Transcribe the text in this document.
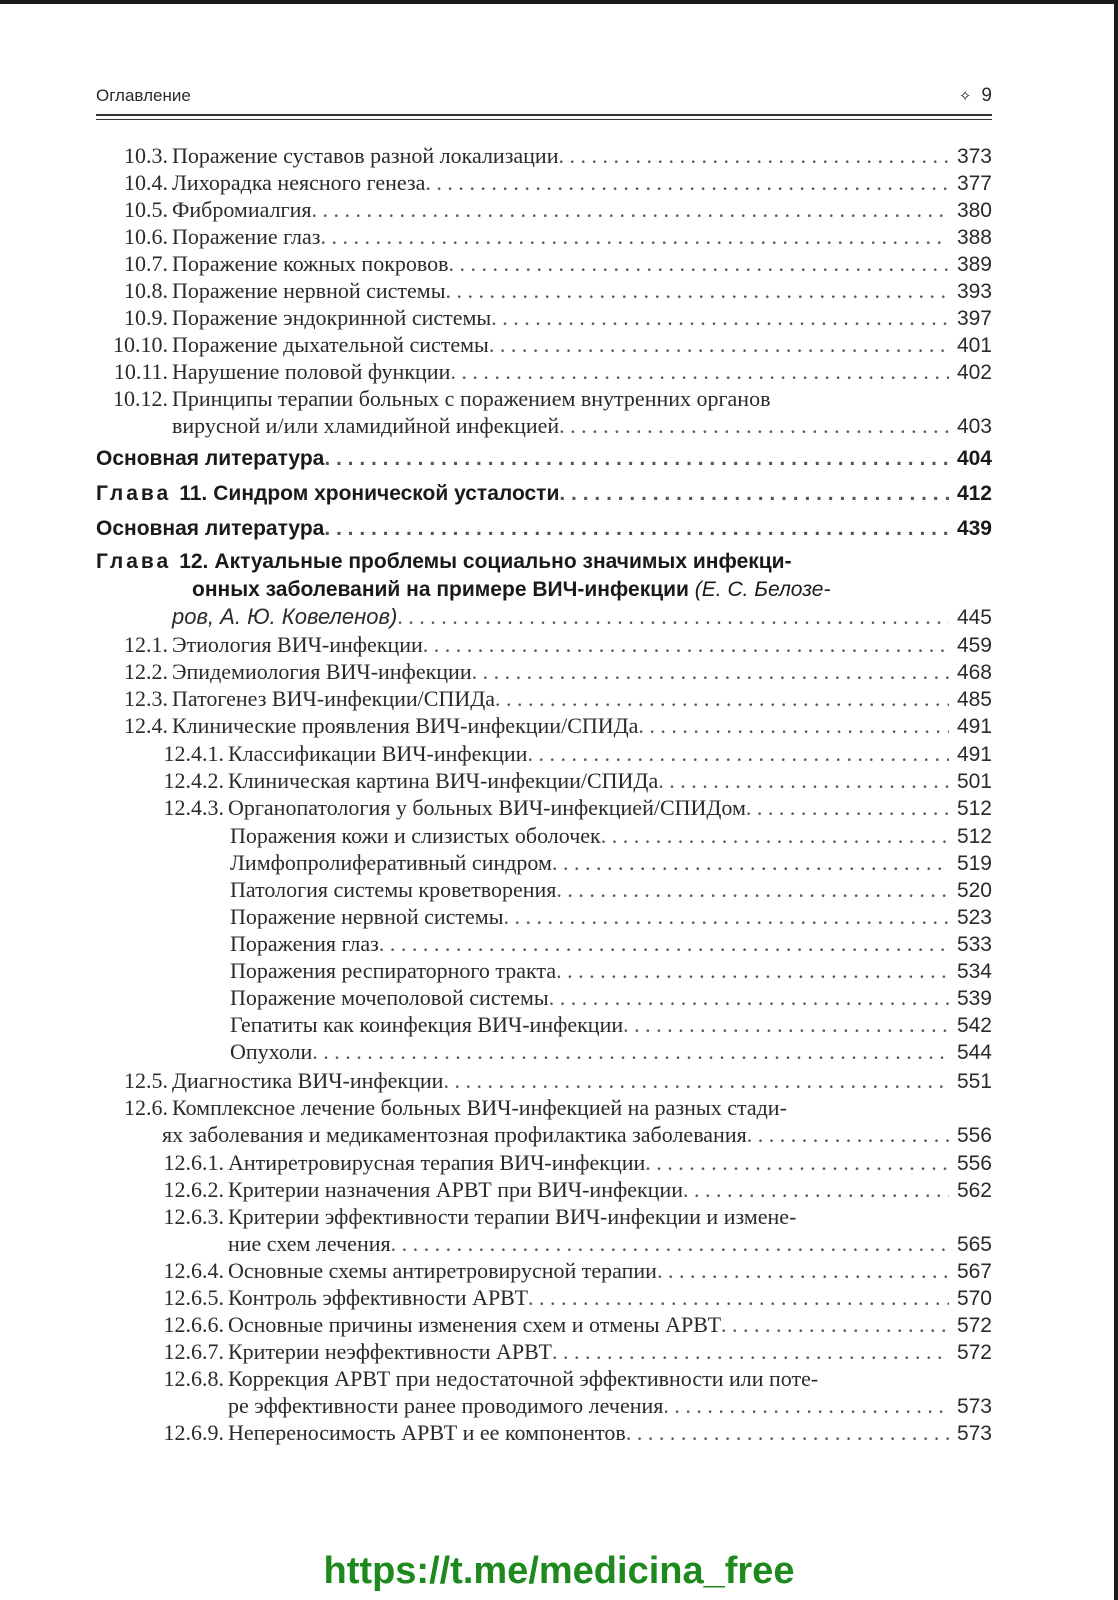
Оглавление	✧ 9
10.3. Поражение суставов разной локализации . . .	373
10.4. Лихорадка неясного генеза . . .	377
10.5. Фибромиалгия . . .	380
10.6. Поражение глаз . . .	388
10.7. Поражение кожных покровов . . .	389
10.8. Поражение нервной системы . . .	393
10.9. Поражение эндокринной системы . . .	397
10.10. Поражение дыхательной системы . . .	401
10.11. Нарушение половой функции . . .	402
10.12. Принципы терапии больных с поражением внутренних органов
вирусной и/или хламидийной инфекцией . . .	403
Основная литература . . .	404
Глава 11. Синдром хронической усталости . . .	412
Основная литература . . .	439
Глава 12. Актуальные проблемы социально значимых инфекци-
онных заболеваний на примере ВИЧ-инфекции (Е. С. Белозе-
ров, А. Ю. Ковеленов) . . .	445
12.1. Этиология ВИЧ-инфекции . . .	459
12.2. Эпидемиология ВИЧ-инфекции . . .	468
12.3. Патогенез ВИЧ-инфекции/СПИДа . . .	485
12.4. Клинические проявления ВИЧ-инфекции/СПИДа . . .	491
12.4.1. Классификации ВИЧ-инфекции . . .	491
12.4.2. Клиническая картина ВИЧ-инфекции/СПИДа . . .	501
12.4.3. Органопатология у больных ВИЧ-инфекцией/СПИДом . . .	512
Поражения кожи и слизистых оболочек . . .	512
Лимфопролиферативный синдром . . .	519
Патология системы кроветворения . . .	520
Поражение нервной системы . . .	523
Поражения глаз . . .	533
Поражения респираторного тракта . . .	534
Поражение мочеполовой системы . . .	539
Гепатиты как коинфекция ВИЧ-инфекции . . .	542
Опухоли . . .	544
12.5. Диагностика ВИЧ-инфекции . . .	551
12.6. Комплексное лечение больных ВИЧ-инфекцией на разных стади-
ях заболевания и медикаментозная профилактика заболевания . . .	556
12.6.1. Антиретровирусная терапия ВИЧ-инфекции . . .	556
12.6.2. Критерии назначения АРВТ при ВИЧ-инфекции . . .	562
12.6.3. Критерии эффективности терапии ВИЧ-инфекции и измене-
ние схем лечения . . .	565
12.6.4. Основные схемы антиретровирусной терапии . . .	567
12.6.5. Контроль эффективности АРВТ . . .	570
12.6.6. Основные причины изменения схем и отмены АРВТ . . .	572
12.6.7. Критерии неэффективности АРВТ . . .	572
12.6.8. Коррекция АРВТ при недостаточной эффективности или поте-
ре эффективности ранее проводимого лечения . . .	573
12.6.9. Непереносимость АРВТ и ее компонентов . . .	573
https://t.me/medicina_free
